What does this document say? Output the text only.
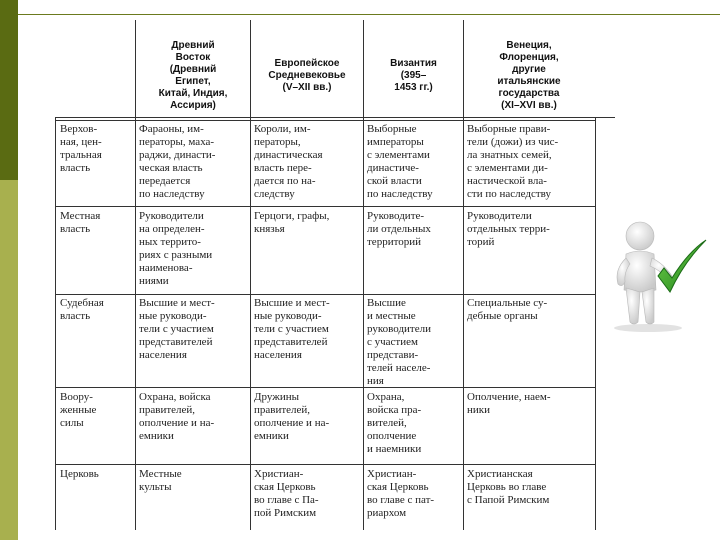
Древний
Восток
(Древний
Египет,
Китай, Индия,
Ассирия)
Европейское
Средневековье
(V–XII вв.)
Византия
(395–
1453 гг.)
Венеция,
Флоренция,
другие
итальянские
государства
(XI–XVI вв.)
Верхов-
ная, цен-
тральная
власть
Фараоны, им-
ператоры, маха-
раджи, династи-
ческая власть
передается
по наследству
Короли, им-
ператоры,
династическая
власть пере-
дается по на-
следству
Выборные
императоры
с элементами
династиче-
ской власти
по наследству
Выборные прави-
тели (дожи) из чис-
ла знатных семей,
с элементами ди-
настической вла-
сти по наследству
Местная
власть
Руководители
на определен-
ных террито-
риях с разными
наименова-
ниями
Герцоги, графы,
князья
Руководите-
ли отдельных
территорий
Руководители
отдельных терри-
торий
Судебная
власть
Высшие и мест-
ные руководи-
тели с участием
представителей
населения
Высшие и мест-
ные руководи-
тели с участием
представителей
населения
Высшие
и местные
руководители
с участием
представи-
телей населе-
ния
Специальные су-
дебные органы
Воору-
женные
силы
Охрана, войска
правителей,
ополчение и на-
емники
Дружины
правителей,
ополчение и на-
емники
Охрана,
войска пра-
вителей,
ополчение
и наемники
Ополчение, наем-
ники
Церковь	Местные
культы
Христиан-
ская Церковь
во главе с Па-
пой Римским
Христиан-
ская Церковь
во главе с пат-
риархом
Христианская
Церковь во главе
с Папой Римским
